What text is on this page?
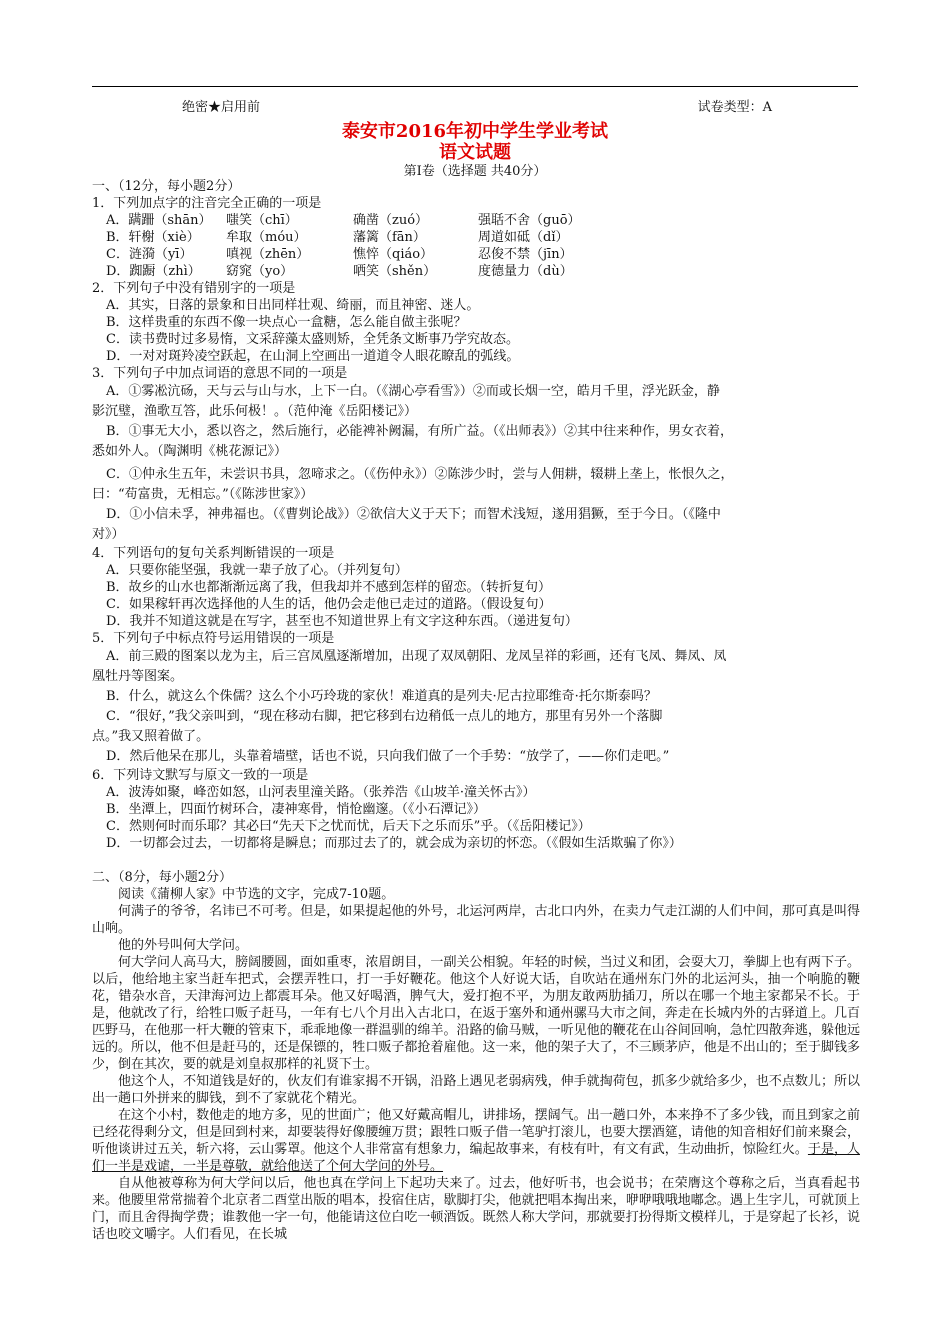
绝密★启用前	试卷类型：A
泰安市2016年初中学生学业考试
语文试题
第Ⅰ卷（选择题 共40分）
一、（12分，每小题2分）
1．下列加点字的注音完全正确的一项是
A．蹒跚（shān）	嗤笑（chī）	确凿（zuó）	强聒不舍（guō）
B．轩榭（xiè）	牟取（móu）	藩篱（fān）	周道如砥（dǐ）
C．涟漪（yī）	嗔视（zhēn）	憔悴（qiáo）	忍俊不禁（jīn）
D．踟蹰（zhì）	窈窕（yo）	哂笑（shěn）	度德量力（dù）
2．下列句子中没有错别字的一项是
A．其实，日落的景象和日出同样壮观、绮丽，而且神密、迷人。
B．这样贵重的东西不像一块点心一盒糖，怎么能自做主张呢？
C．读书费时过多易惰，文采辞藻太盛则矫，全凭条文断事乃学究故态。
D．一对对斑羚凌空跃起，在山洞上空画出一道道令人眼花瞭乱的弧线。
3．下列句子中加点词语的意思不同的一项是
A．①雾凇沆砀，天与云与山与水，上下一白。（《湖心亭看雪》）②而或长烟一空，皓月千里，浮光跃金，静
影沉璧，渔歌互答，此乐何极！。（范仲淹《岳阳楼记》）
B．①事无大小，悉以咨之，然后施行，必能裨补阙漏，有所广益。（《出师表》）②其中往来种作，男女衣着，
悉如外人。（陶渊明《桃花源记》）
C．①仲永生五年，未尝识书具，忽啼求之。（《伤仲永》）②陈涉少时，尝与人佣耕，辍耕上垄上，怅恨久之，
曰：“苟富贵，无相忘。”（《陈涉世家》）
D．①小信未孚，神弗福也。（《曹刿论战》）②欲信大义于天下；而智术浅短，遂用猖獗，至于今日。（《隆中
对》）
4．下列语句的复句关系判断错误的一项是
A．只要你能坚强，我就一辈子放了心。（并列复句）
B．故乡的山水也都渐渐远离了我，但我却并不感到怎样的留恋。（转折复句）
C．如果稼轩再次选择他的人生的话，他仍会走他已走过的道路。（假设复句）
D．我并不知道这就是在写字，甚至也不知道世界上有文字这种东西。（递进复句）
5．下列句子中标点符号运用错误的一项是
A．前三殿的图案以龙为主，后三宫凤凰逐渐增加，出现了双凤朝阳、龙凤呈祥的彩画，还有飞凤、舞凤、凤
凰牡丹等图案。
B．什么，就这么个侏儒？这么个小巧玲珑的家伙！难道真的是列夫·尼古拉耶维奇·托尔斯泰吗？
C．“很好，”我父亲叫到，“现在移动右脚，把它移到右边稍低一点儿的地方，那里有另外一个落脚
点。”我又照着做了。
D．然后他呆在那儿，头靠着墙壁，话也不说，只向我们做了一个手势：“放学了，——你们走吧。”
6．下列诗文默写与原文一致的一项是
A．波涛如聚，峰峦如怒，山河表里潼关路。（张养浩《山坡羊·潼关怀古》）
B．坐潭上，四面竹树环合，凄神寒骨，悄怆幽邃。（《小石潭记》）
C．然则何时而乐耶？其必曰“先天下之忧而忧，后天下之乐而乐”乎。（《岳阳楼记》）
D．一切都会过去，一切都将是瞬息；而那过去了的，就会成为亲切的怀恋。（《假如生活欺骗了你》）
二、（8分，每小题2分）
阅读《蒲柳人家》中节选的文字，完成7-10题。
何满子的爷爷，名讳已不可考。但是，如果提起他的外号，北运河两岸，古北口内外，在卖力气走江湖的人们中间，那可真是叫得山响。
他的外号叫何大学问。
何大学问人高马大，膀阔腰圆，面如重枣，浓眉朗目，一副关公相貌。年轻的时候，当过义和团，会耍大刀，拳脚上也有两下子。以后，他给地主家当赶车把式，会摆弄牲口，打一手好鞭花。他这个人好说大话，自吹站在通州东门外的北运河头，抽一个响脆的鞭花，错杂水音，天津海河边上都震耳朵。他又好喝酒，脾气大，爱打抱不平，为朋友敢两肋插刀，所以在哪一个地主家都呆不长。于是，他就改了行，给牲口贩子赶马，一年有七八个月出入古北口，在返于塞外和通州骡马大市之间，奔走在长城内外的古驿道上。几百匹野马，在他那一杆大鞭的管束下，乖乖地像一群温驯的绵羊。沿路的偷马贼，一听见他的鞭花在山谷间回响，急忙四散奔逃，躲他远远的。所以，他不但是赶马的，还是保镖的，牲口贩子都抢着雇他。这一来，他的架子大了，不三顾茅庐，他是不出山的；至于脚钱多少，倒在其次，要的就是刘皇叔那样的礼贤下士。
他这个人，不知道钱是好的，伙友们有谁家揭不开锅，沿路上遇见老弱病残，伸手就掏荷包，抓多少就给多少，也不点数儿；所以出一趟口外拼来的脚钱，到不了家就花个精光。
在这个小村，数他走的地方多，见的世面广；他又好戴高帽儿，讲排场，摆阔气。出一趟口外，本来挣不了多少钱，而且到家之前已经花得剩分文，但是回到村来，却要装得好像腰缠万贯；跟牲口贩子借一笔驴打滚儿，也要大摆酒筵，请他的知音相好们前来聚会，听他谈讲过五关，斩六将，云山雾罩。他这个人非常富有想象力，编起故事来，有枝有叶，有文有武，生动曲折，惊险红火。于是，人们一半是戏谑，一半是尊敬，就给他送了个何大学问的外号。
自从他被尊称为何大学问以后，他也真在学问上下起功夫来了。过去，他好听书，也会说书；在荣膺这个尊称之后，当真看起书来。他腰里常常揣着个北京者二酉堂出版的唱本，投宿住店，歇脚打尖，他就把唱本掏出来，咿咿哦哦地嘟念。遇上生字儿，可就顶上门，而且舍得掏学费；谁教他一字一句，他能请这位白吃一顿酒饭。既然人称大学问，那就要打扮得斯文模样儿，于是穿起了长衫，说话也咬文嚼字。人们看见，在长城
